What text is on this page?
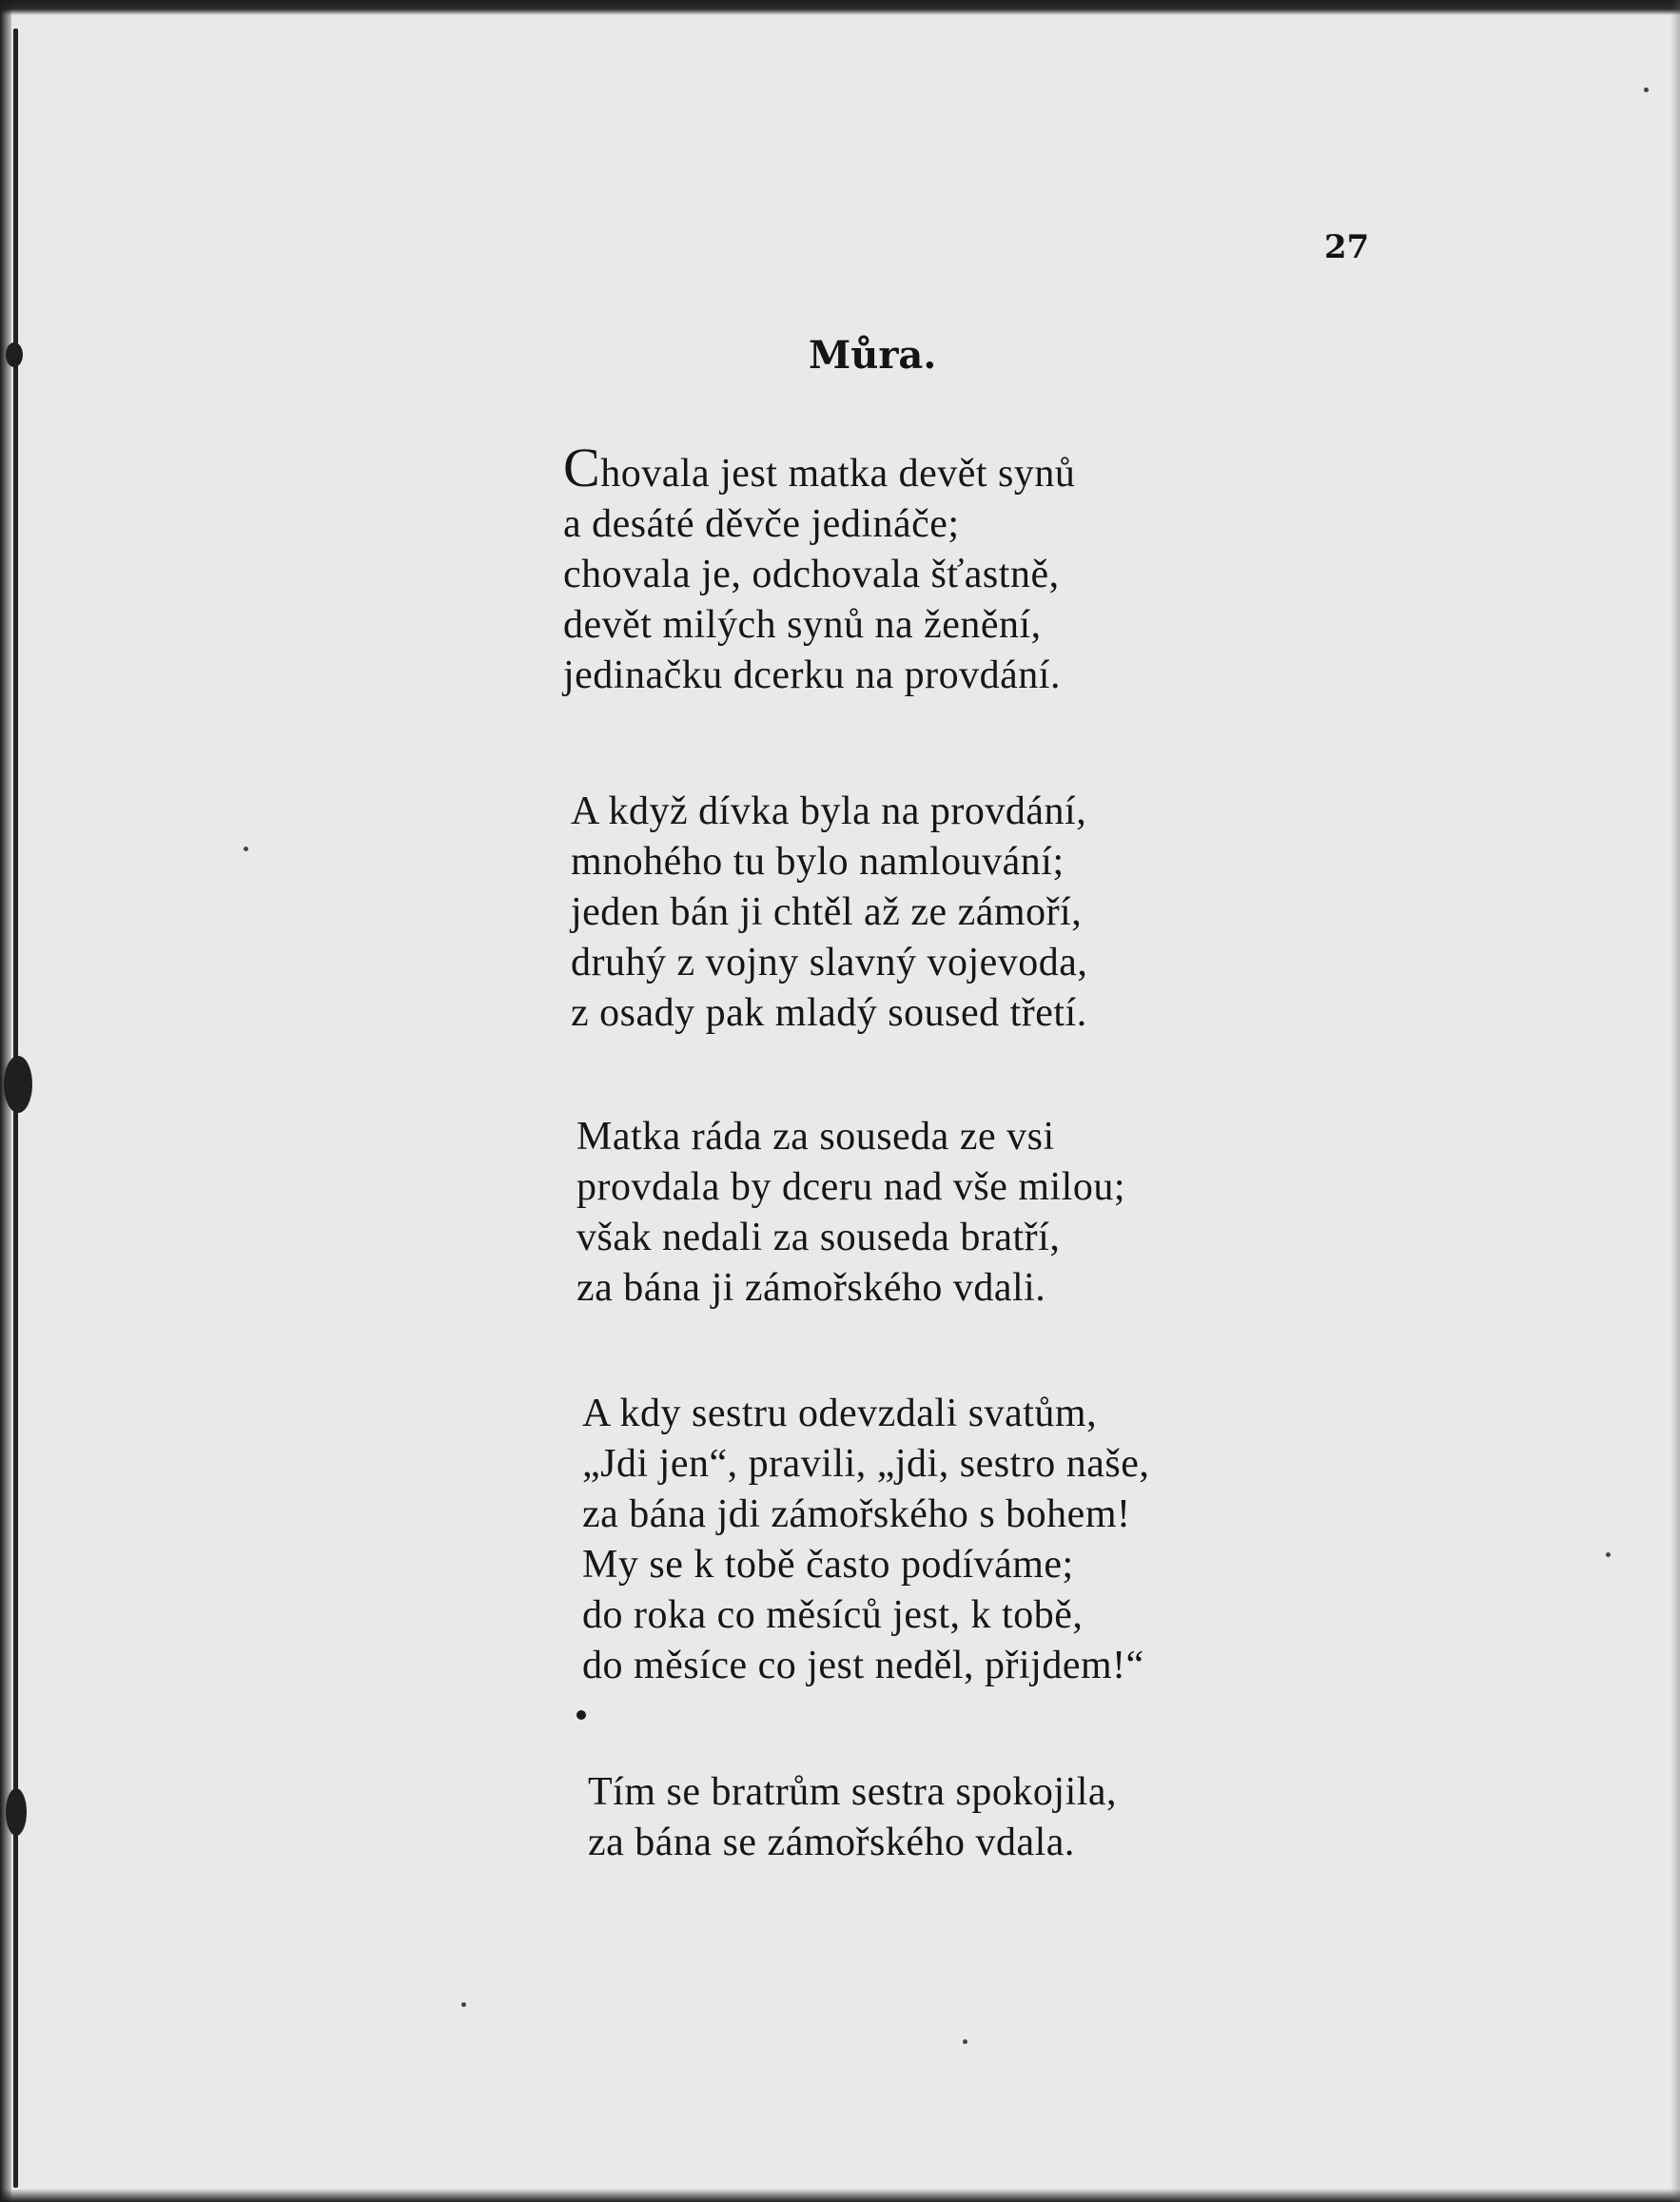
27
Můra.
Chovala jest matka devět synů
a desáté děvče jedináče;
chovala je, odchovala šťastně,
devět milých synů na ženění,
jedinačku dcerku na provdání.
A když dívka byla na provdání,
mnohého tu bylo namlouvání;
jeden bán ji chtěl až ze zámoří,
druhý z vojny slavný vojevoda,
z osady pak mladý soused třetí.
Matka ráda za souseda ze vsi
provdala by dceru nad vše milou;
však nedali za souseda bratří,
za bána ji zámořského vdali.
A kdy sestru odevzdali svatům,
„Jdi jen“, pravili, „jdi, sestro naše,
za bána jdi zámořského s bohem!
My se k tobě často podíváme;
do roka co měsíců jest, k tobě,
do měsíce co jest neděl, přijdem!“
Tím se bratrům sestra spokojila,
za bána se zámořského vdala.
